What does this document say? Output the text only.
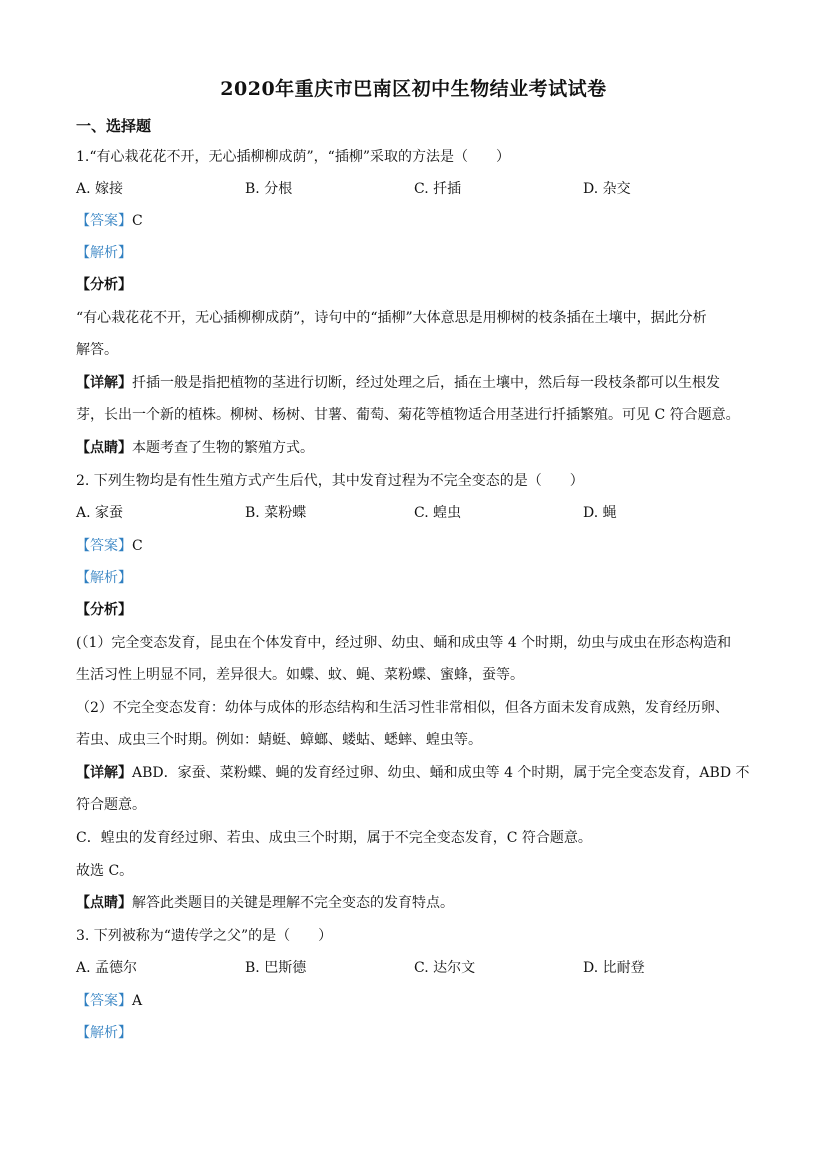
2020年重庆市巴南区初中生物结业考试试卷
一、选择题
1.“有心栽花花不开，无心插柳柳成荫”，“插柳”采取的方法是（　　）
A. 嫁接	B. 分根	C. 扦插	D. 杂交
【答案】C
【解析】
【分析】
“有心栽花花不开，无心插柳柳成荫”，诗句中的“插柳”大体意思是用柳树的枝条插在土壤中，据此分析
解答。
【详解】扦插一般是指把植物的茎进行切断，经过处理之后，插在土壤中，然后每一段枝条都可以生根发
芽，长出一个新的植株。柳树、杨树、甘薯、葡萄、菊花等植物适合用茎进行扦插繁殖。可见 C 符合题意。
【点睛】本题考查了生物的繁殖方式。
2. 下列生物均是有性生殖方式产生后代，其中发育过程为不完全变态的是（　　）
A. 家蚕	B. 菜粉蝶	C. 蝗虫	D. 蝇
【答案】C
【解析】
【分析】
(（1）完全变态发育，昆虫在个体发育中，经过卵、幼虫、蛹和成虫等 4 个时期，幼虫与成虫在形态构造和
生活习性上明显不同，差异很大。如蝶、蚊、蝇、菜粉蝶、蜜蜂，蚕等。
（2）不完全变态发育：幼体与成体的形态结构和生活习性非常相似，但各方面未发育成熟，发育经历卵、
若虫、成虫三个时期。例如：蜻蜓、蟑螂、蝼蛄、蟋蟀、蝗虫等。
【详解】ABD．家蚕、菜粉蝶、蝇的发育经过卵、幼虫、蛹和成虫等 4 个时期，属于完全变态发育，ABD 不
符合题意。
C．蝗虫的发育经过卵、若虫、成虫三个时期，属于不完全变态发育，C 符合题意。
故选 C。
【点睛】解答此类题目的关键是理解不完全变态的发育特点。
3. 下列被称为“遗传学之父”的是（　　）
A. 孟德尔	B. 巴斯德	C. 达尔文	D. 比耐登
【答案】A
【解析】
